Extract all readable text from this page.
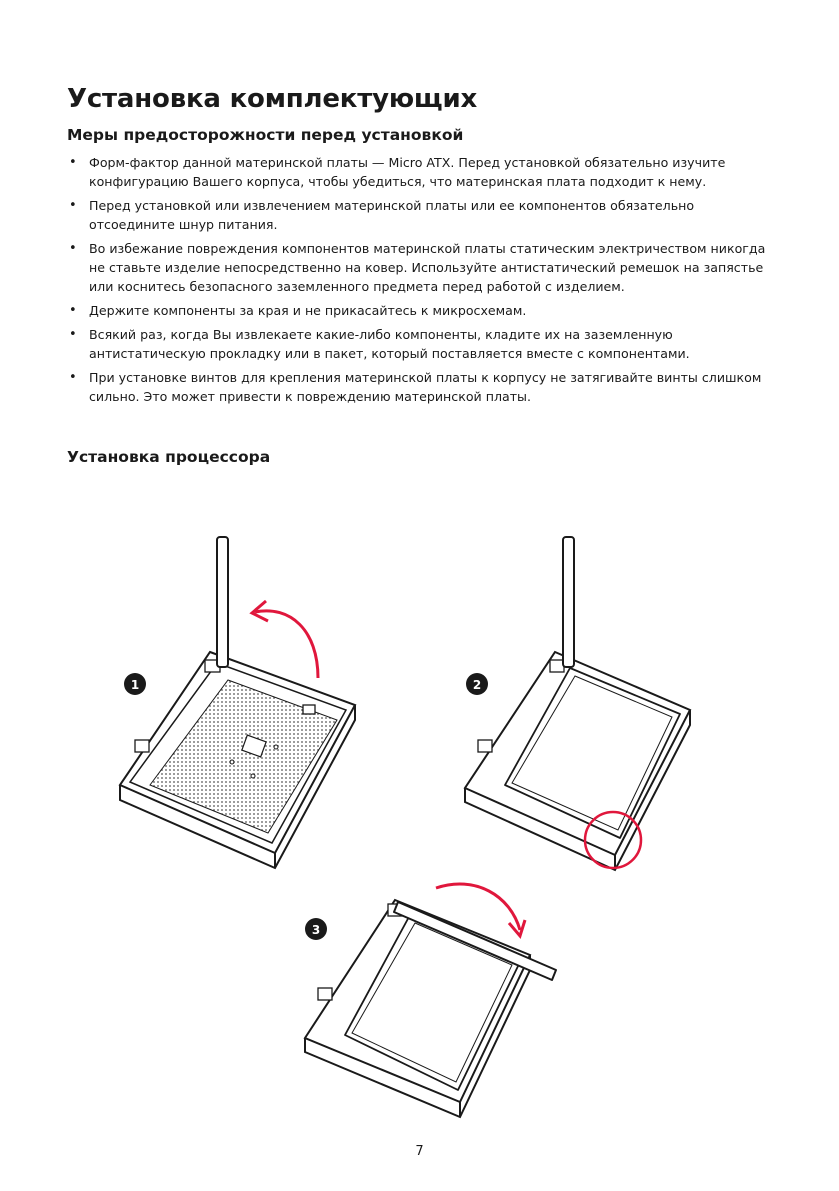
Установка комплектующих
Меры предосторожности перед установкой
• Форм-фактор данной материнской платы — Micro ATX. Перед установкой обязательно изучите конфигурацию Вашего корпуса, чтобы убедиться, что материнская плата подходит к нему.
• Перед установкой или извлечением материнской платы или ее компонентов обязательно отсоедините шнур питания.
• Во избежание повреждения компонентов материнской платы статическим электричеством никогда не ставьте изделие непосредственно на ковер. Используйте антистатический ремешок на запястье или коснитесь безопасного заземленного предмета перед работой с изделием.
• Держите компоненты за края и не прикасайтесь к микросхемам.
• Всякий раз, когда Вы извлекаете какие-либо компоненты, кладите их на заземленную антистатическую прокладку или в пакет, который поставляется вместе с компонентами.
• При установке винтов для крепления материнской платы к корпусу не затягивайте винты слишком сильно. Это может привести к повреждению материнской платы.
Установка процессора
1	2
3
7
